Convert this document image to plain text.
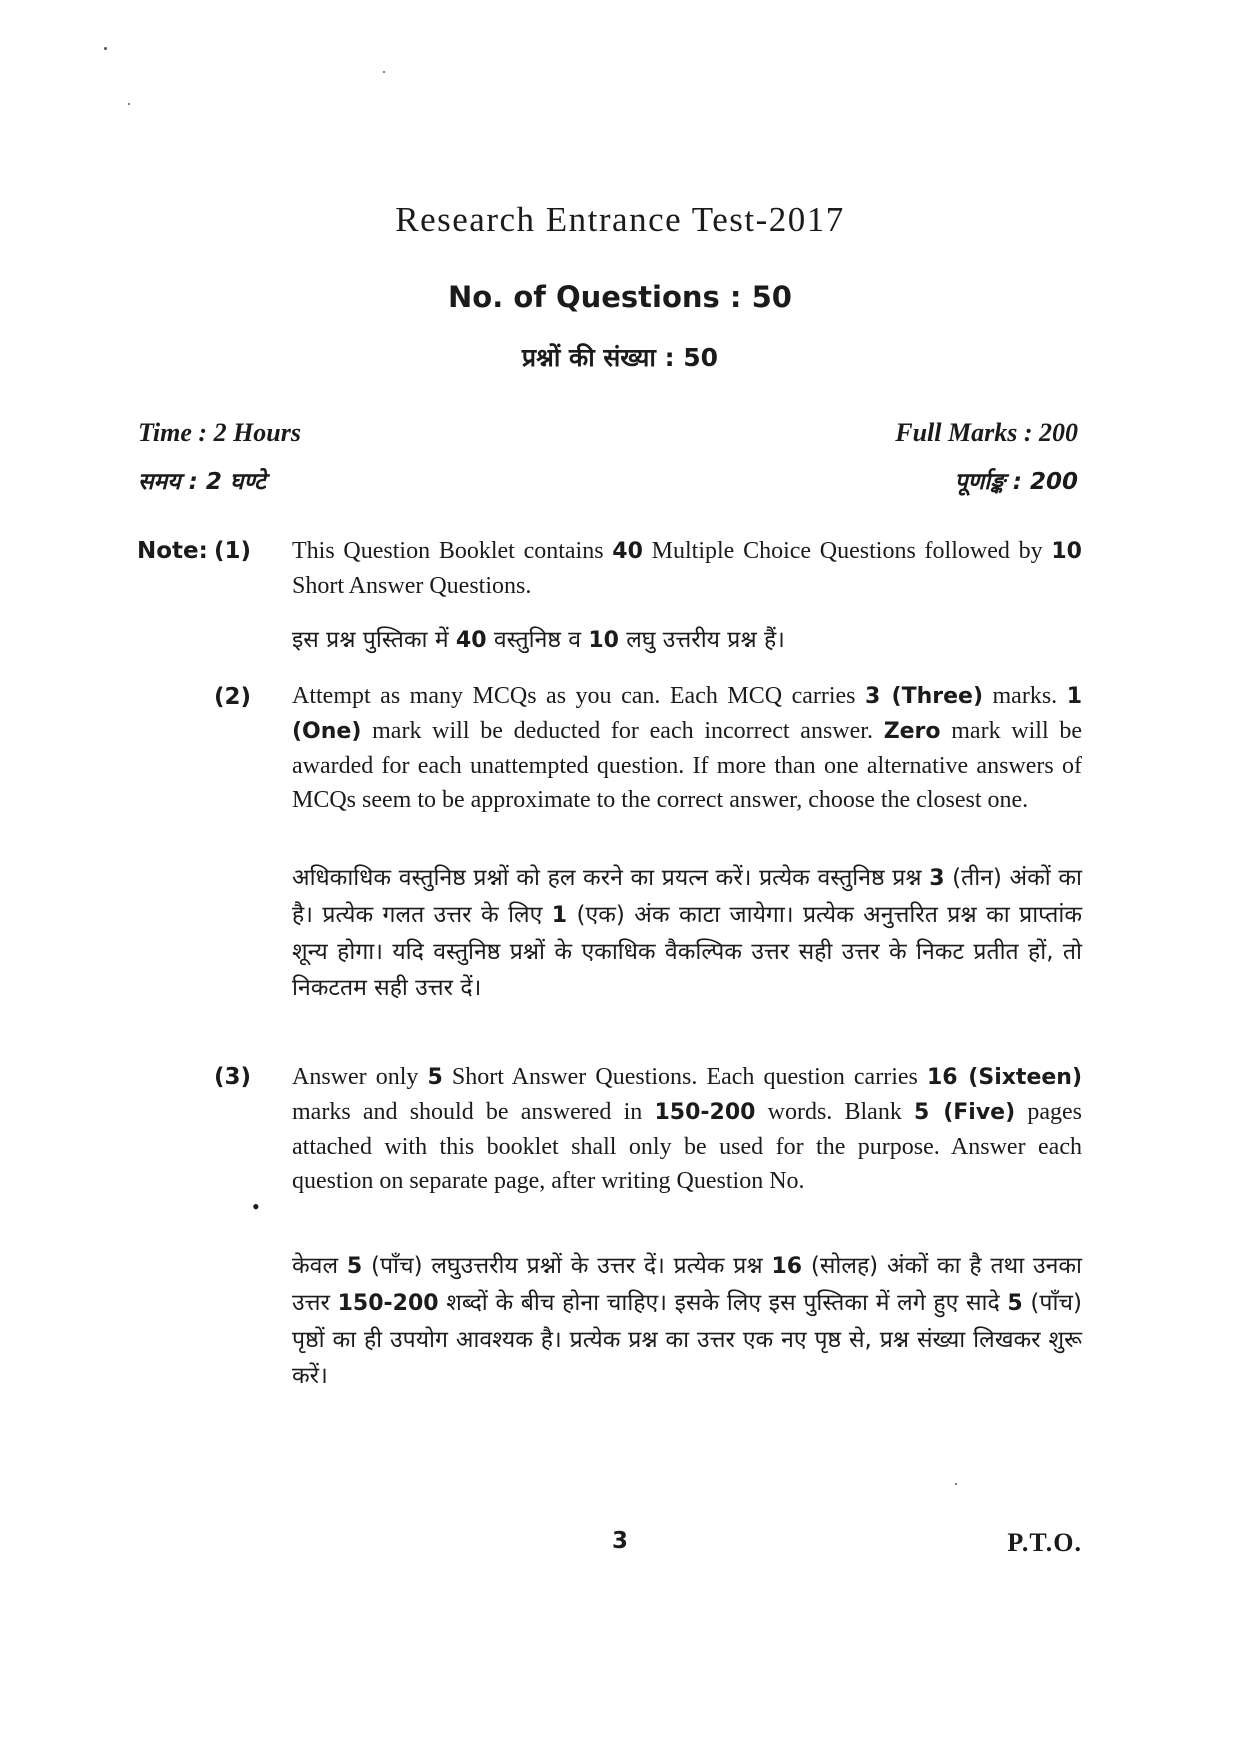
Research Entrance Test-2017
No. of Questions : 50
प्रश्नों की संख्या : 50
Time : 2 Hours	Full Marks : 200
समय : 2 घण्टे	पूर्णाङ्क : 200
Note: (1) This Question Booklet contains 40 Multiple Choice Questions followed by 10 Short Answer Questions.
इस प्रश्न पुस्तिका में 40 वस्तुनिष्ठ व 10 लघु उत्तरीय प्रश्न हैं।
(2) Attempt as many MCQs as you can. Each MCQ carries 3 (Three) marks. 1 (One) mark will be deducted for each incorrect answer. Zero mark will be awarded for each unattempted question. If more than one alternative answers of MCQs seem to be approximate to the correct answer, choose the closest one.
अधिकाधिक वस्तुनिष्ठ प्रश्नों को हल करने का प्रयत्न करें। प्रत्येक वस्तुनिष्ठ प्रश्न 3 (तीन) अंकों का है। प्रत्येक गलत उत्तर के लिए 1 (एक) अंक काटा जायेगा। प्रत्येक अनुत्तरित प्रश्न का प्राप्तांक शून्य होगा। यदि वस्तुनिष्ठ प्रश्नों के एकाधिक वैकल्पिक उत्तर सही उत्तर के निकट प्रतीत हों, तो निकटतम सही उत्तर दें।
(3) Answer only 5 Short Answer Questions. Each question carries 16 (Sixteen) marks and should be answered in 150-200 words. Blank 5 (Five) pages attached with this booklet shall only be used for the purpose. Answer each question on separate page, after writing Question No.
•
केवल 5 (पाँच) लघुउत्तरीय प्रश्नों के उत्तर दें। प्रत्येक प्रश्न 16 (सोलह) अंकों का है तथा उनका उत्तर 150-200 शब्दों के बीच होना चाहिए। इसके लिए इस पुस्तिका में लगे हुए सादे 5 (पाँच) पृष्ठों का ही उपयोग आवश्यक है। प्रत्येक प्रश्न का उत्तर एक नए पृष्ठ से, प्रश्न संख्या लिखकर शुरू करें।
3	P.T.O.
